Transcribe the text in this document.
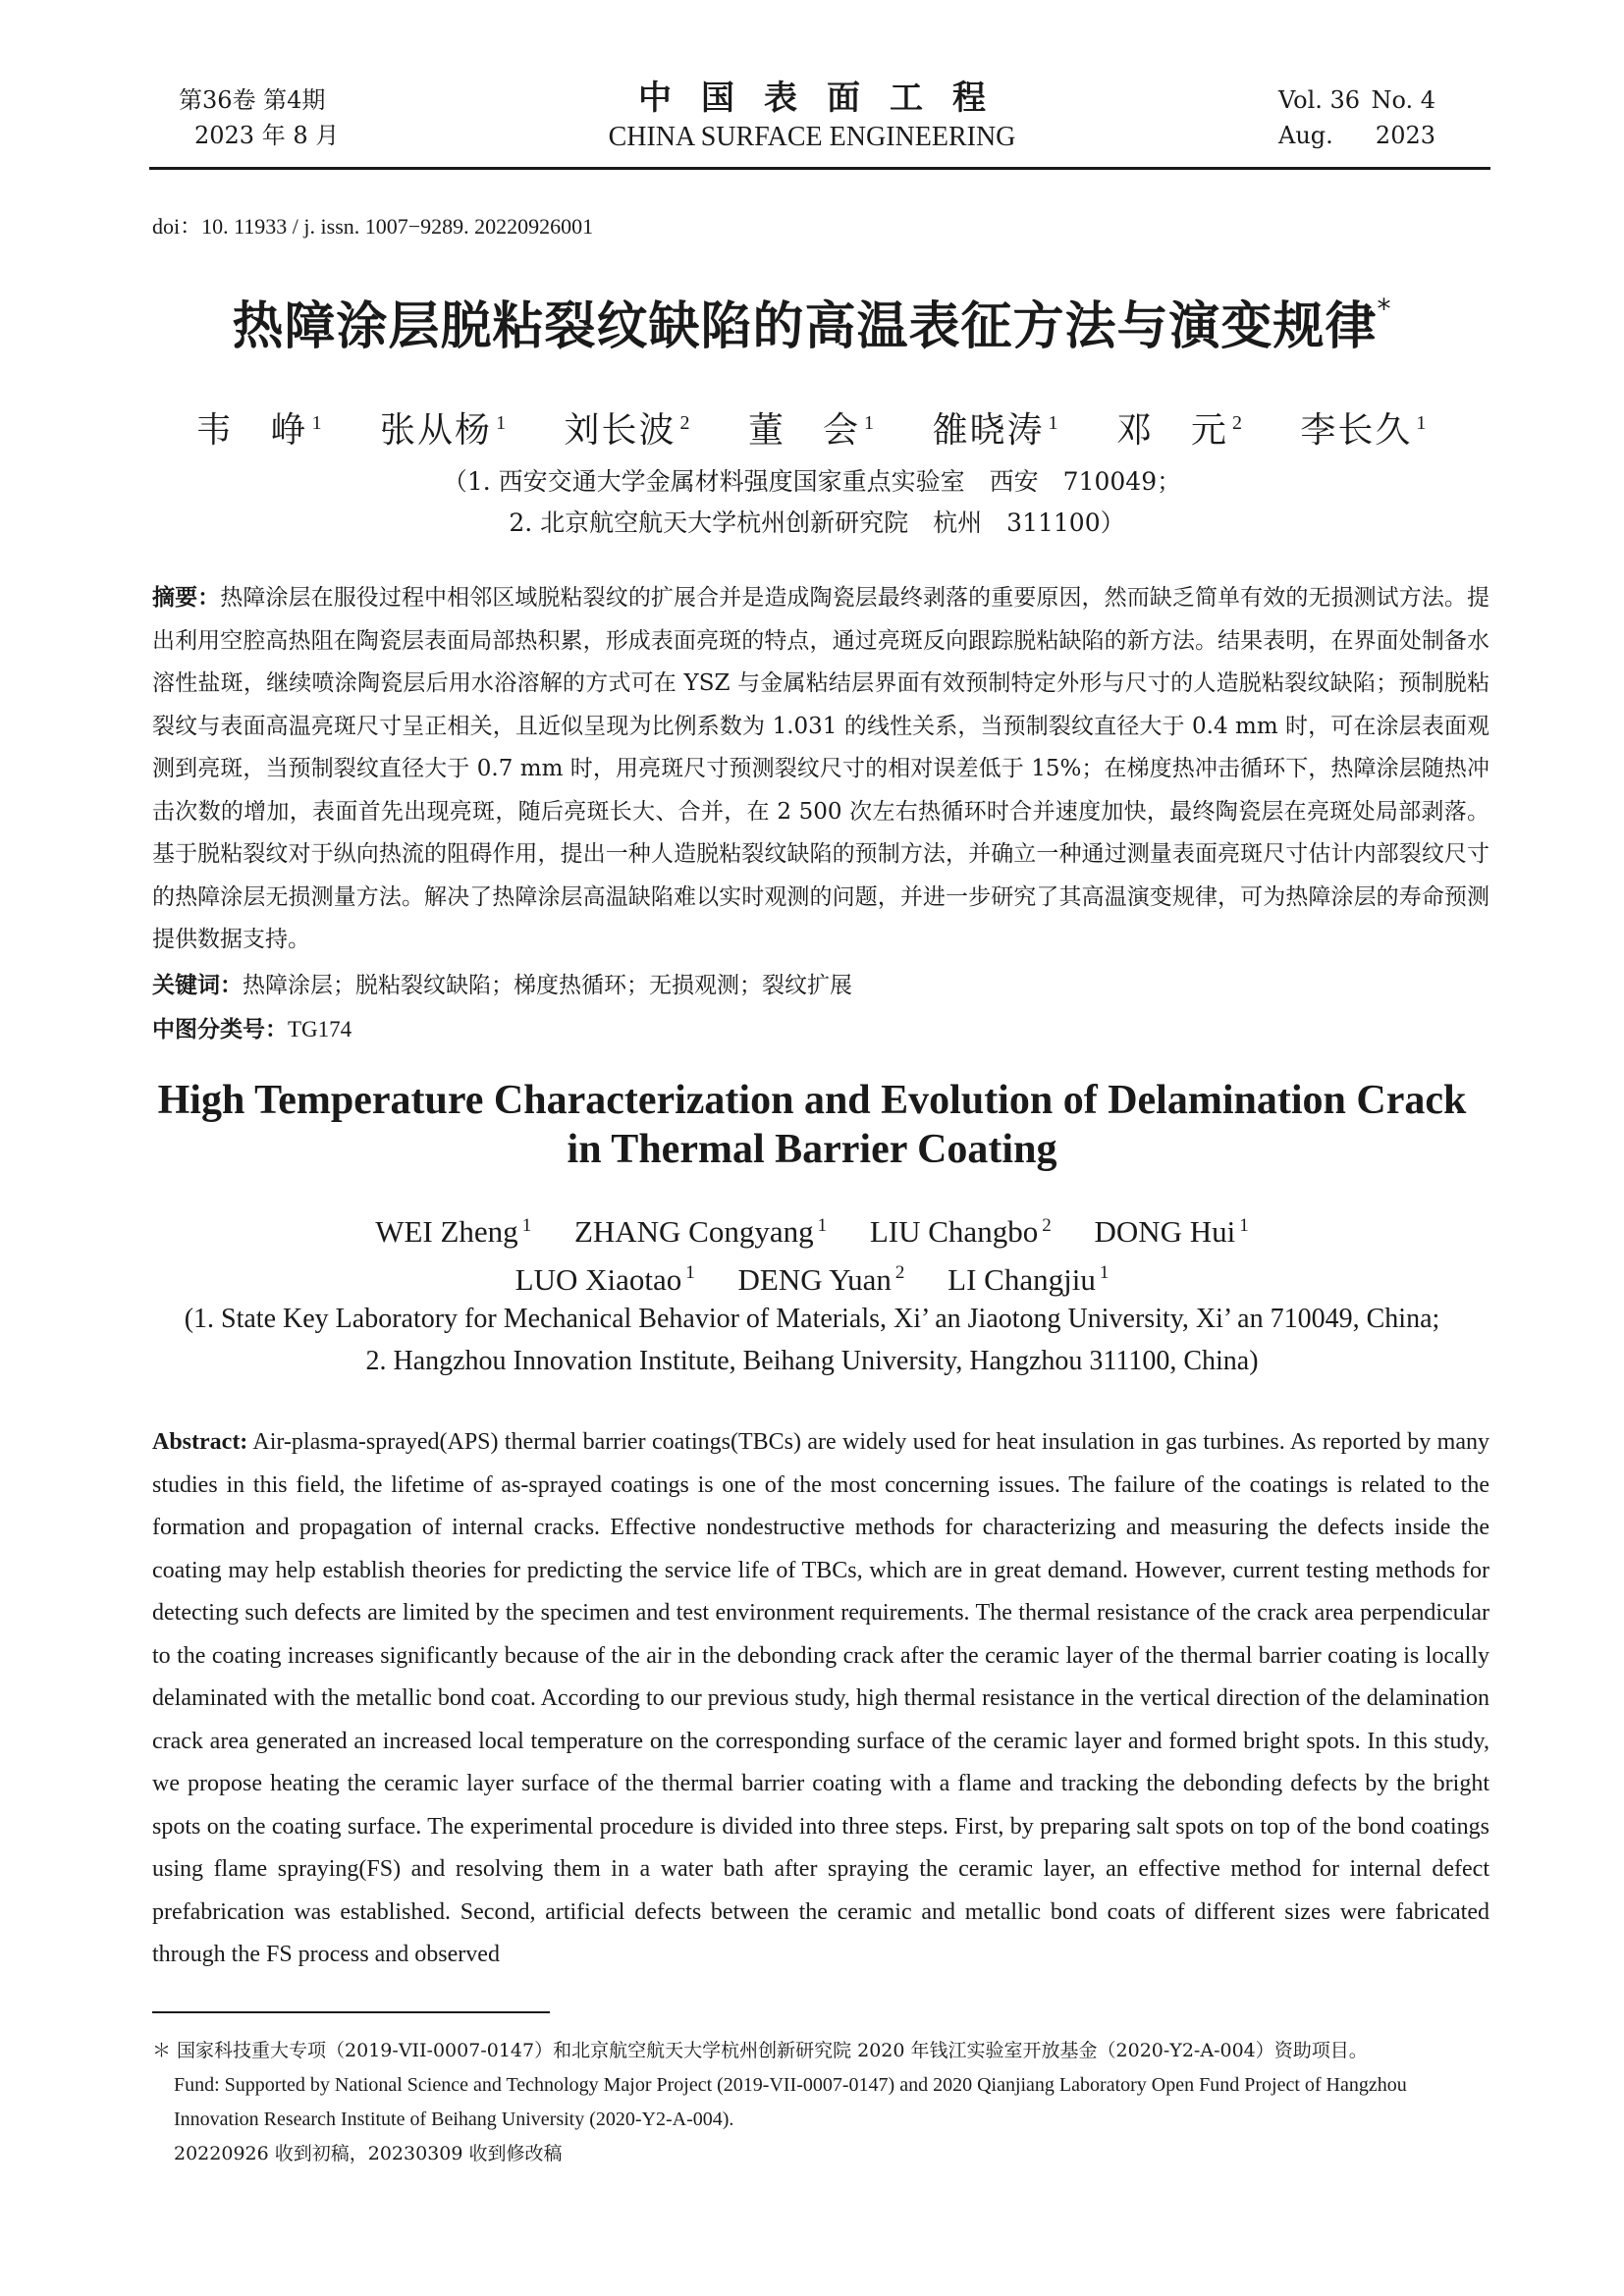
第36卷 第4期
2023 年 8 月
中国表面工程
CHINA SURFACE ENGINEERING
Vol. 36 No. 4
Aug. 2023
doi：10. 11933 / j. issn. 1007−9289. 20220926001
热障涂层脱粘裂纹缺陷的高温表征方法与演变规律*
韦　峥 $^1$ 张从杨 $^1$ 刘长波 $^2$ 董　会 $^1$ 雒晓涛 $^1$ 邓　元 $^2$ 李长久 $^1$
（1. 西安交通大学金属材料强度国家重点实验室　西安　710049；
2. 北京航空航天大学杭州创新研究院　杭州　311100）
摘要：热障涂层在服役过程中相邻区域脱粘裂纹的扩展合并是造成陶瓷层最终剥落的重要原因，然而缺乏简单有效的无损测试方法。提出利用空腔高热阻在陶瓷层表面局部热积累，形成表面亮斑的特点，通过亮斑反向跟踪脱粘缺陷的新方法。结果表明，在界面处制备水溶性盐斑，继续喷涂陶瓷层后用水浴溶解的方式可在 YSZ 与金属粘结层界面有效预制特定外形与尺寸的人造脱粘裂纹缺陷；预制脱粘裂纹与表面高温亮斑尺寸呈正相关，且近似呈现为比例系数为 1.031 的线性关系，当预制裂纹直径大于 0.4 mm 时，可在涂层表面观测到亮斑，当预制裂纹直径大于 0.7 mm 时，用亮斑尺寸预测裂纹尺寸的相对误差低于 15%；在梯度热冲击循环下，热障涂层随热冲击次数的增加，表面首先出现亮斑，随后亮斑长大、合并，在 2 500 次左右热循环时合并速度加快，最终陶瓷层在亮斑处局部剥落。基于脱粘裂纹对于纵向热流的阻碍作用，提出一种人造脱粘裂纹缺陷的预制方法，并确立一种通过测量表面亮斑尺寸估计内部裂纹尺寸的热障涂层无损测量方法。解决了热障涂层高温缺陷难以实时观测的问题，并进一步研究了其高温演变规律，可为热障涂层的寿命预测提供数据支持。
关键词：热障涂层；脱粘裂纹缺陷；梯度热循环；无损观测；裂纹扩展
中图分类号：TG174
High Temperature Characterization and Evolution of Delamination Crack
in Thermal Barrier Coating
WEI Zheng $^1$ ZHANG Congyang $^1$ LIU Changbo $^2$ DONG Hui $^1$
LUO Xiaotao $^1$ DENG Yuan $^2$ LI Changjiu $^1$
(1. State Key Laboratory for Mechanical Behavior of Materials, Xi’ an Jiaotong University, Xi’ an 710049, China;
2. Hangzhou Innovation Institute, Beihang University, Hangzhou 311100, China)
Abstract: Air-plasma-sprayed(APS) thermal barrier coatings(TBCs) are widely used for heat insulation in gas turbines. As reported by many studies in this field, the lifetime of as-sprayed coatings is one of the most concerning issues. The failure of the coatings is related to the formation and propagation of internal cracks. Effective nondestructive methods for characterizing and measuring the defects inside the coating may help establish theories for predicting the service life of TBCs, which are in great demand. However, current testing methods for detecting such defects are limited by the specimen and test environment requirements. The thermal resistance of the crack area perpendicular to the coating increases significantly because of the air in the debonding crack after the ceramic layer of the thermal barrier coating is locally delaminated with the metallic bond coat. According to our previous study, high thermal resistance in the vertical direction of the delamination crack area generated an increased local temperature on the corresponding surface of the ceramic layer and formed bright spots. In this study, we propose heating the ceramic layer surface of the thermal barrier coating with a flame and tracking the debonding defects by the bright spots on the coating surface. The experimental procedure is divided into three steps. First, by preparing salt spots on top of the bond coatings using flame spraying(FS) and resolving them in a water bath after spraying the ceramic layer, an effective method for internal defect prefabrication was established. Second, artificial defects between the ceramic and metallic bond coats of different sizes were fabricated through the FS process and observed
＊ 国家科技重大专项（2019-VII-0007-0147）和北京航空航天大学杭州创新研究院 2020 年钱江实验室开放基金（2020-Y2-A-004）资助项目。
Fund: Supported by National Science and Technology Major Project (2019-VII-0007-0147) and 2020 Qianjiang Laboratory Open Fund Project of Hangzhou
Innovation Research Institute of Beihang University (2020-Y2-A-004).
20220926 收到初稿，20230309 收到修改稿
